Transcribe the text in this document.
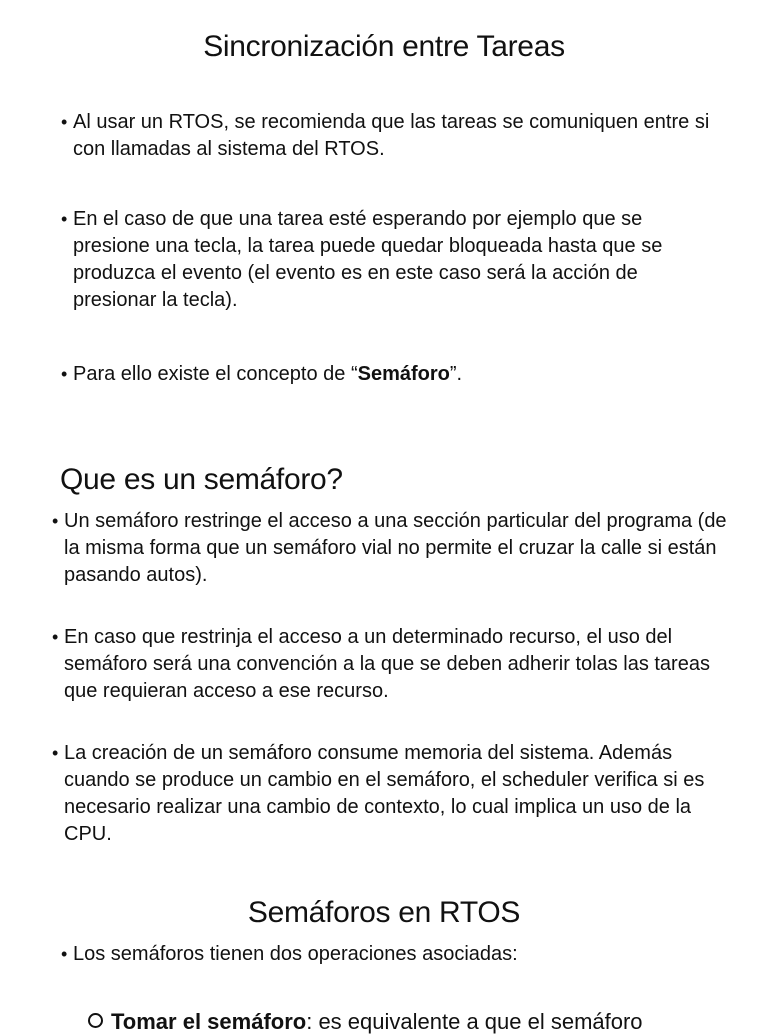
Sincronización entre Tareas

• Al usar un RTOS, se recomienda que las tareas se comuniquen entre si con llamadas al sistema del RTOS.

• En el caso de que una tarea esté esperando por ejemplo que se presione una tecla, la tarea puede quedar bloqueada hasta que se produzca el evento (el evento es en este caso será la acción de presionar la tecla).

• Para ello existe el concepto de “Semáforo”.

Que es un semáforo?

• Un semáforo restringe el acceso a una sección particular del programa (de la misma forma que un semáforo vial no permite el cruzar la calle si están pasando autos).

• En caso que restrinja el acceso a un determinado recurso, el uso del semáforo será una convención a la que se deben adherir tolas las tareas que requieran acceso a ese recurso.

• La creación de un semáforo consume memoria del sistema. Además cuando se produce un cambio en el semáforo, el scheduler verifica si es necesario realizar una cambio de contexto, lo cual implica un uso de la CPU.

Semáforos en RTOS

• Los semáforos tienen dos operaciones asociadas:

Tomar el semáforo: es equivalente a que el semáforo
